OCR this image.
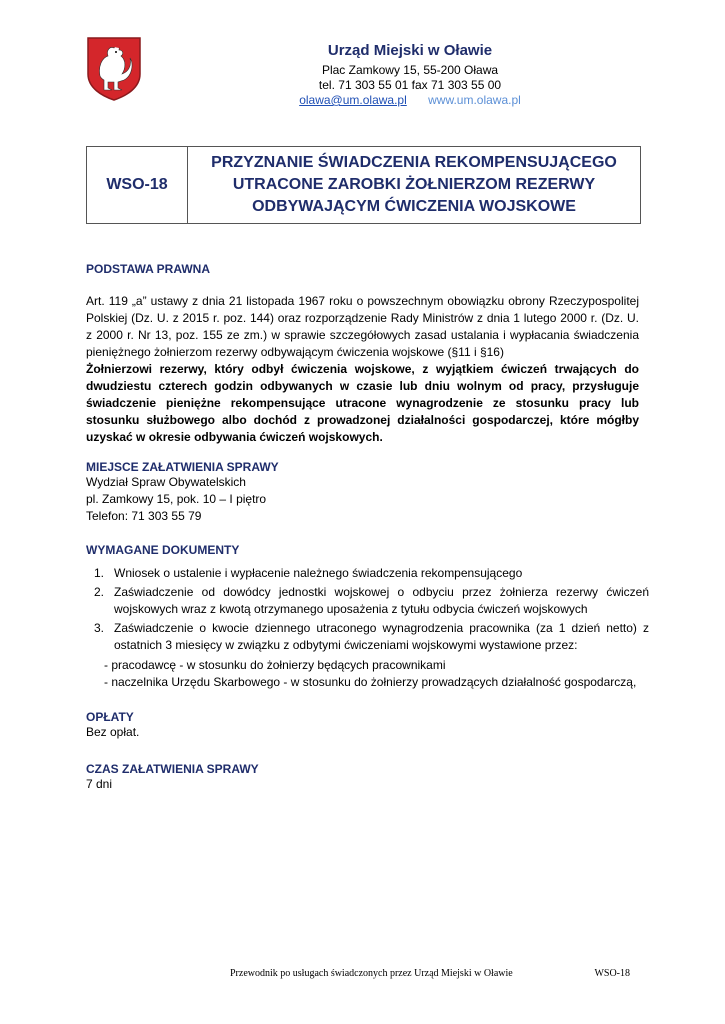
Urząd Miejski w Oławie
Plac Zamkowy 15, 55-200 Oława
tel. 71 303 55 01 fax 71 303 55 00
olawa@um.olawa.pl www.um.olawa.pl
WSO-18
PRZYZNANIE ŚWIADCZENIA REKOMPENSUJĄCEGO
UTRACONE ZAROBKI ŻOŁNIERZOM REZERWY
ODBYWAJĄCYM ĆWICZENIA WOJSKOWE
PODSTAWA PRAWNA
Art. 119 „a” ustawy z dnia 21 listopada 1967 roku o powszechnym obowiązku obrony Rzeczypospolitej Polskiej (Dz. U. z 2015 r. poz. 144) oraz rozporządzenie Rady Ministrów z dnia 1 lutego 2000 r. (Dz. U. z 2000 r. Nr 13, poz. 155 ze zm.) w sprawie szczegółowych zasad ustalania i wypłacania świadczenia pieniężnego żołnierzom rezerwy odbywającym ćwiczenia wojskowe (§11 i §16)
Żołnierzowi rezerwy, który odbył ćwiczenia wojskowe, z wyjątkiem ćwiczeń trwających do dwudziestu czterech godzin odbywanych w czasie lub dniu wolnym od pracy, przysługuje świadczenie pieniężne rekompensujące utracone wynagrodzenie ze stosunku pracy lub stosunku służbowego albo dochód z prowadzonej działalności gospodarczej, które mógłby uzyskać w okresie odbywania ćwiczeń wojskowych.
MIEJSCE ZAŁATWIENIA SPRAWY
Wydział Spraw Obywatelskich
pl. Zamkowy 15, pok. 10 – I piętro
Telefon: 71 303 55 79
WYMAGANE DOKUMENTY
1. Wniosek o ustalenie i wypłacenie należnego świadczenia rekompensującego
2. Zaświadczenie od dowódcy jednostki wojskowej o odbyciu przez żołnierza rezerwy ćwiczeń wojskowych wraz z kwotą otrzymanego uposażenia z tytułu odbycia ćwiczeń wojskowych
3. Zaświadczenie o kwocie dziennego utraconego wynagrodzenia pracownika (za 1 dzień netto) z ostatnich 3 miesięcy w związku z odbytymi ćwiczeniami wojskowymi wystawione przez:
- pracodawcę - w stosunku do żołnierzy będących pracownikami
- naczelnika Urzędu Skarbowego - w stosunku do żołnierzy prowadzących działalność gospodarczą,
OPŁATY
Bez opłat.
CZAS ZAŁATWIENIA SPRAWY
7 dni
Przewodnik po usługach świadczonych przez Urząd Miejski w Oławie	WSO-18
